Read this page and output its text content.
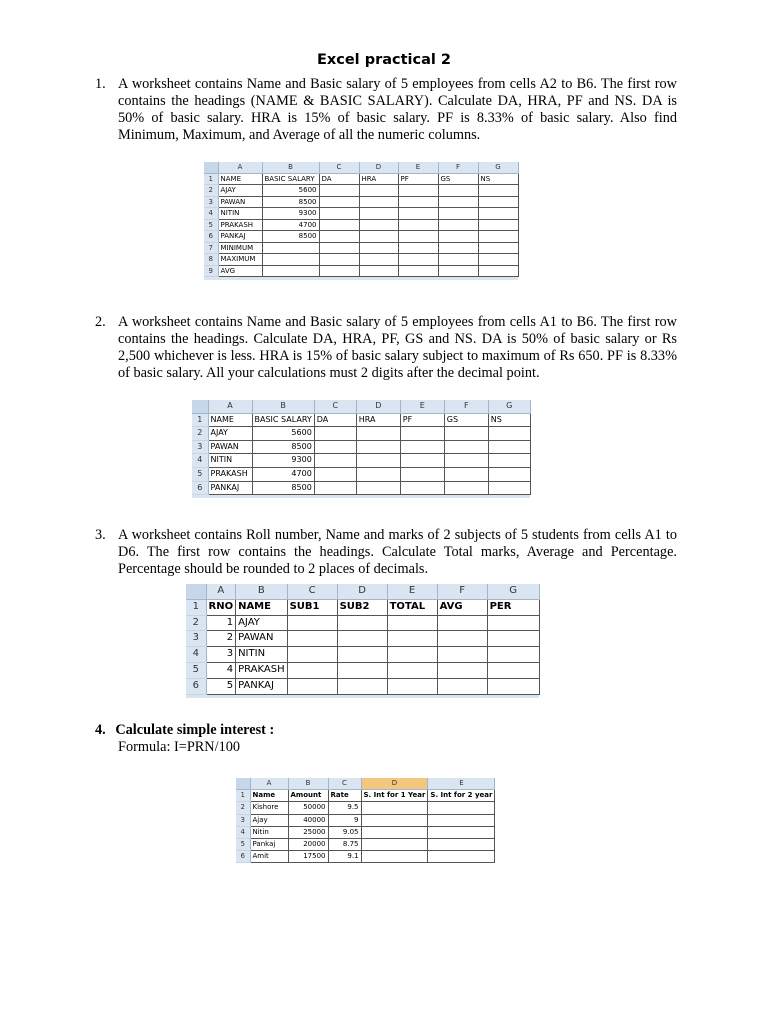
Excel practical 2
1. A worksheet contains Name and Basic salary of 5 employees from cells A2 to B6. The first row contains the headings (NAME & BASIC SALARY). Calculate DA, HRA, PF and NS. DA is 50% of basic salary. HRA is 15% of basic salary. PF is 8.33% of basic salary. Also find Minimum, Maximum, and Average of all the numeric columns.
	A	B	C	D	E	F	G
1	NAME	BASIC SALARY	DA	HRA	PF	GS	NS
2	AJAY	5600					
3	PAWAN	8500					
4	NITIN	9300					
5	PRAKASH	4700					
6	PANKAJ	8500					
7	MINIMUM						
8	MAXIMUM						
9	AVG						

2. A worksheet contains Name and Basic salary of 5 employees from cells A1 to B6. The first row contains the headings. Calculate DA, HRA, PF, GS and NS. DA is 50% of basic salary or Rs 2,500 whichever is less. HRA is 15% of basic salary subject to maximum of Rs 650. PF is 8.33% of basic salary. All your calculations must 2 digits after the decimal point.
	A	B	C	D	E	F	G
1	NAME	BASIC SALARY	DA	HRA	PF	GS	NS
2	AJAY	5600					
3	PAWAN	8500					
4	NITIN	9300					
5	PRAKASH	4700					
6	PANKAJ	8500					

3. A worksheet contains Roll number, Name and marks of 2 subjects of 5 students from cells A1 to D6. The first row contains the headings. Calculate Total marks, Average and Percentage. Percentage should be rounded to 2 places of decimals.
	A	B	C	D	E	F	G
1	RNO	NAME	SUB1	SUB2	TOTAL	AVG	PER
2	1	AJAY					
3	2	PAWAN					
4	3	NITIN					
5	4	PRAKASH					
6	5	PANKAJ					

4. Calculate simple interest :
Formula: I=PRN/100
	A	B	C	D	E
1	Name	Amount	Rate	S. Int for 1 Year	S. Int for 2 year
2	Kishore	50000	9.5		
3	Ajay	40000	9		
4	Nitin	25000	9.05		
5	Pankaj	20000	8.75		
6	Amit	17500	9.1		
